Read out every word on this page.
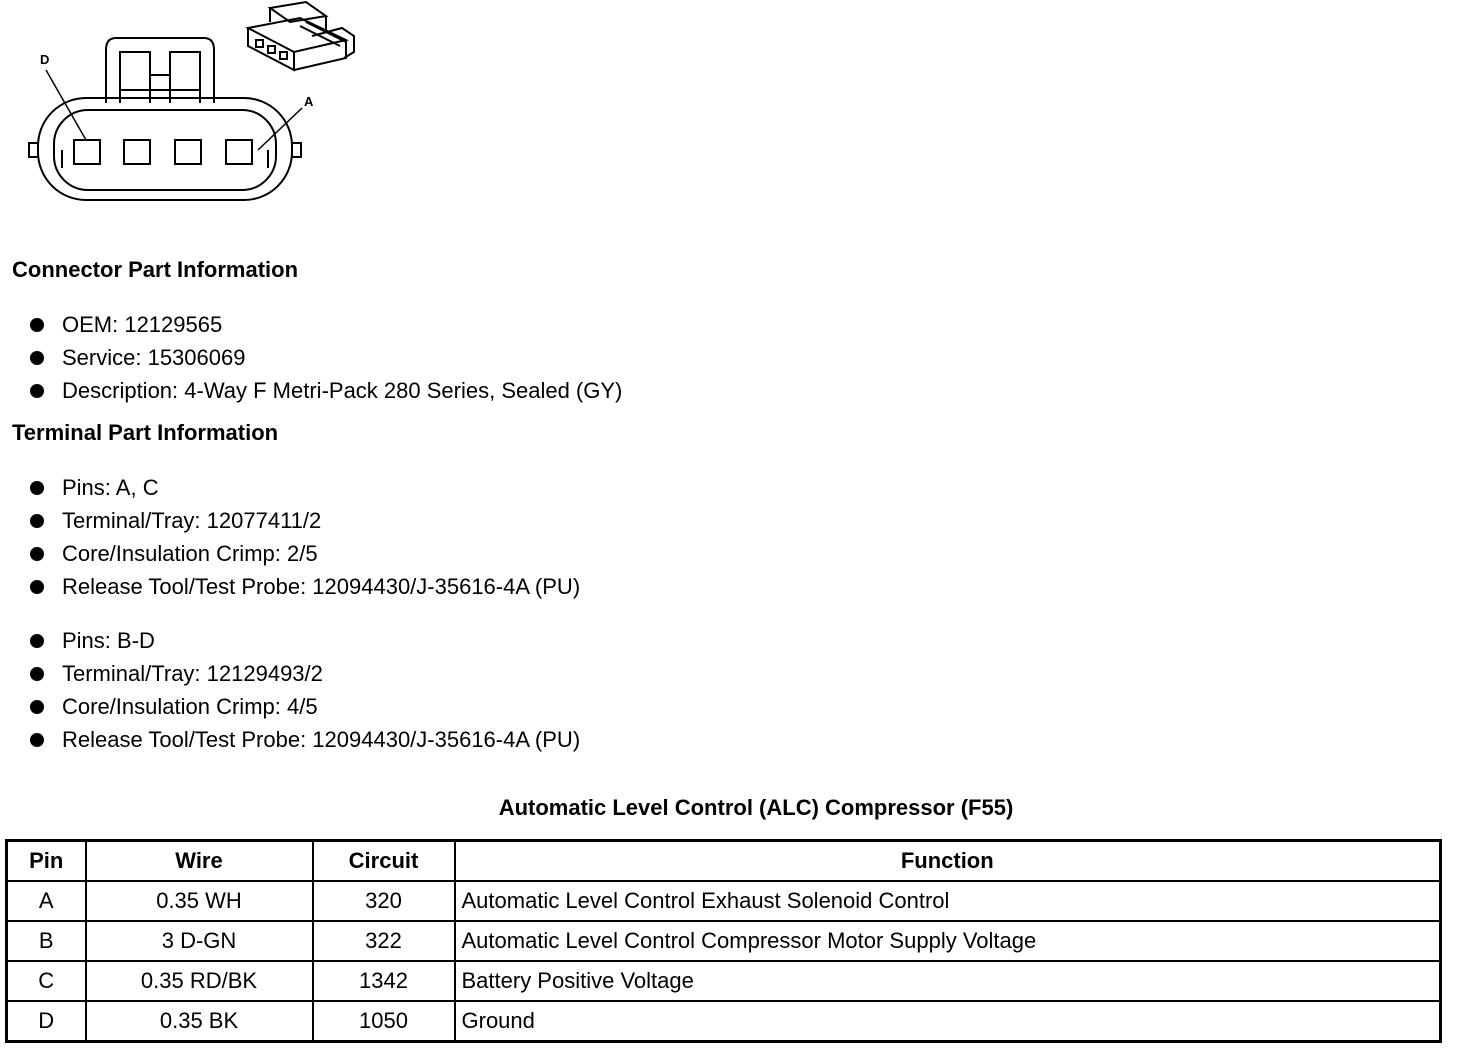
D
A
Connector Part Information
OEM: 12129565
Service: 15306069
Description: 4-Way F Metri-Pack 280 Series, Sealed (GY)
Terminal Part Information
Pins: A, C
Terminal/Tray: 12077411/2
Core/Insulation Crimp: 2/5
Release Tool/Test Probe: 12094430/J-35616-4A (PU)
Pins: B-D
Terminal/Tray: 12129493/2
Core/Insulation Crimp: 4/5
Release Tool/Test Probe: 12094430/J-35616-4A (PU)
Automatic Level Control (ALC) Compressor (F55)
Pin	Wire	Circuit	Function
A	0.35 WH	320	Automatic Level Control Exhaust Solenoid Control
B	3 D-GN	322	Automatic Level Control Compressor Motor Supply Voltage
C	0.35 RD/BK	1342	Battery Positive Voltage
D	0.35 BK	1050	Ground
